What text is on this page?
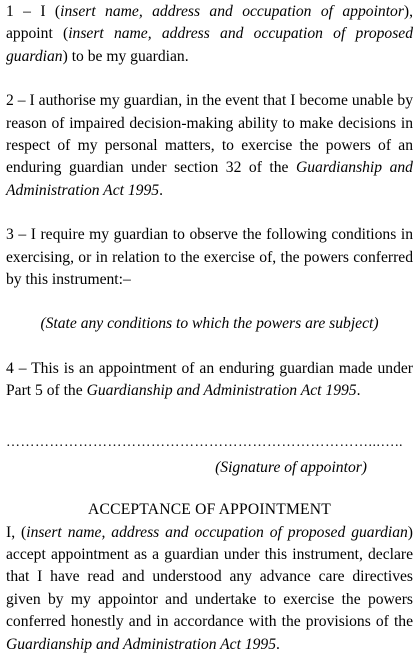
1 – I (insert name, address and occupation of appointor), appoint (insert name, address and occupation of proposed guardian) to be my guardian.

2 – I authorise my guardian, in the event that I become unable by reason of impaired decision-making ability to make decisions in respect of my personal matters, to exercise the powers of an enduring guardian under section 32 of the Guardianship and Administration Act 1995.

3 – I require my guardian to observe the following conditions in exercising, or in relation to the exercise of, the powers conferred by this instrument:–

(State any conditions to which the powers are subject)

4 – This is an appointment of an enduring guardian made under Part 5 of the Guardianship and Administration Act 1995.

…………………………………………………………………...…..
(Signature of appointor)
ACCEPTANCE OF APPOINTMENT

I, (insert name, address and occupation of proposed guardian) accept appointment as a guardian under this instrument, declare that I have read and understood any advance care directives given by my appointor and undertake to exercise the powers conferred honestly and in accordance with the provisions of the Guardianship and Administration Act 1995.
